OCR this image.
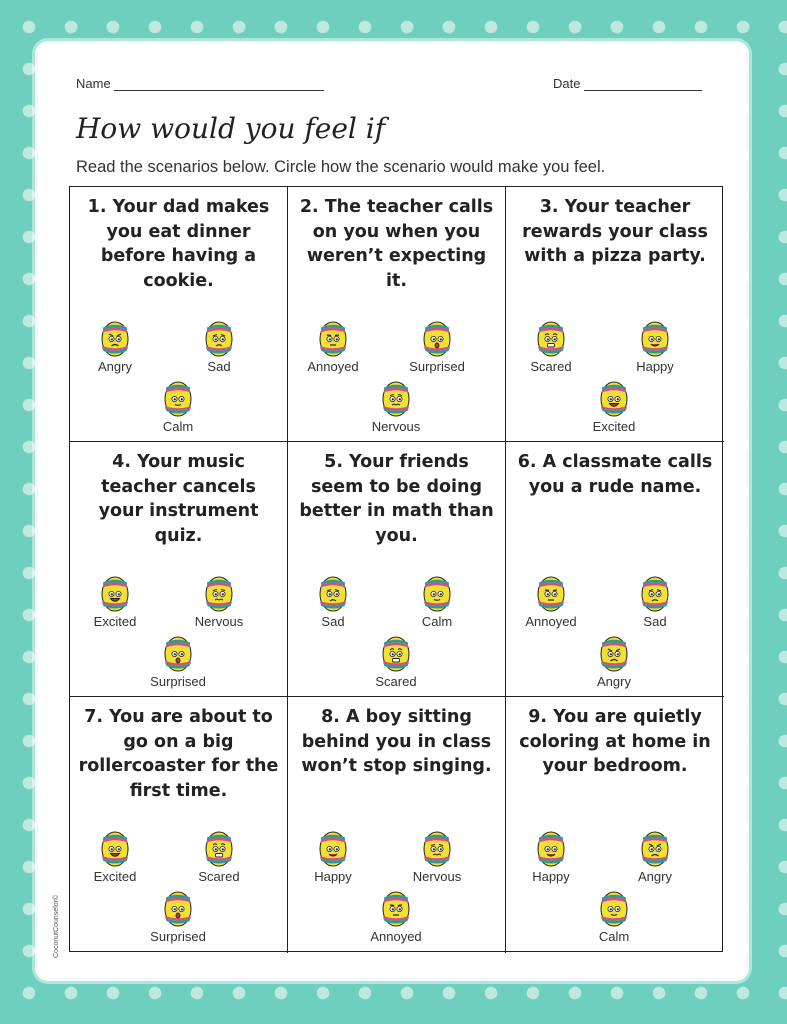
Name	Date
How would you feel if

Read the scenarios below. Circle how the scenario would make you feel.

1. Your dad makes you eat dinner before having a cookie.

Angry	Sad
Calm

2. The teacher calls on you when you weren’t expecting it.

Annoyed	Surprised
Nervous

3. Your teacher rewards your class with a pizza party.

Scared	Happy
Excited

4. Your music teacher cancels your instrument quiz.

Excited	Nervous
Surprised

5. Your friends seem to be doing better in math than you.

Sad	Calm
Scared

6. A classmate calls you a rude name.

Annoyed	Sad
Angry

7. You are about to go on a big rollercoaster for the first time.

Excited	Scared
Surprised

8. A boy sitting behind you in class won’t stop singing.

Happy	Nervous
Annoyed

9. You are quietly coloring at home in your bedroom.

Happy	Angry
Calm
CoconutCounselor©
